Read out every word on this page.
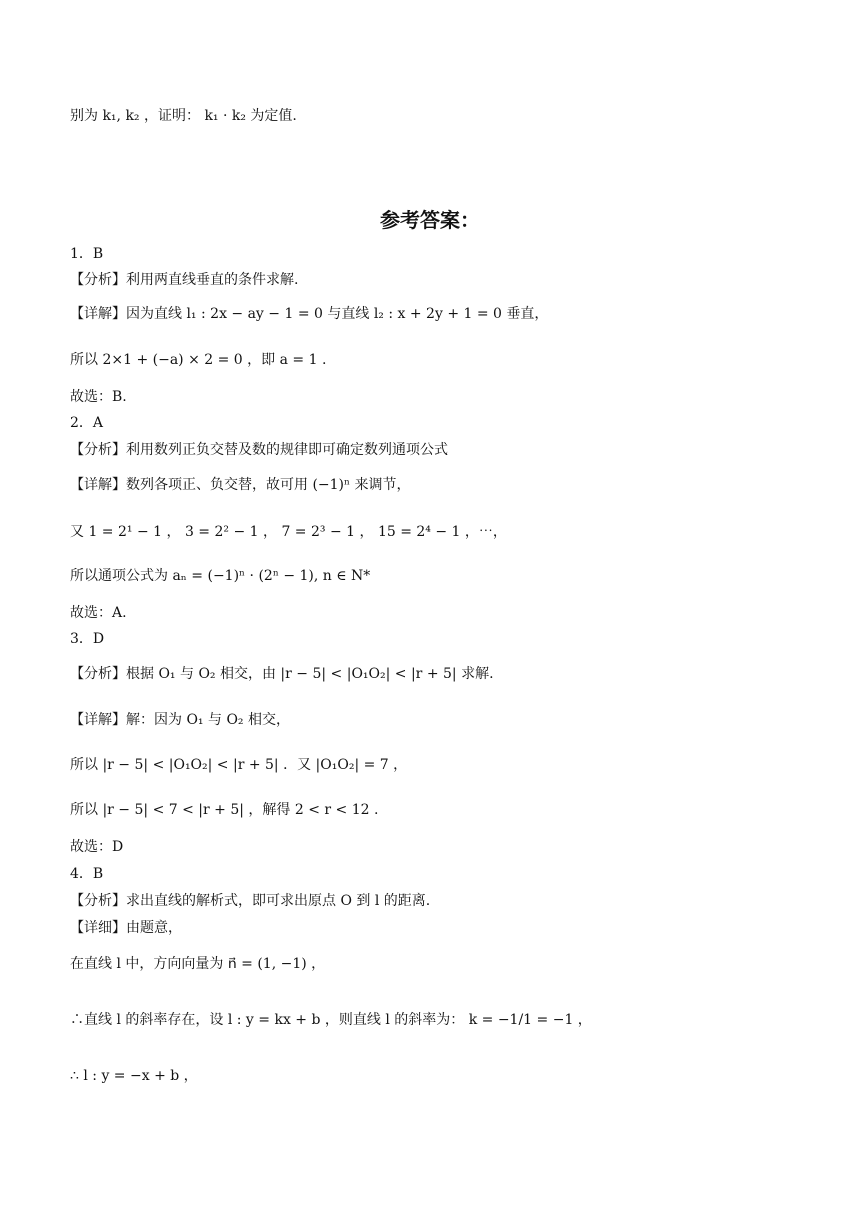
别为 k₁, k₂ ，证明： k₁ · k₂ 为定值.
参考答案：
1．B
【分析】利用两直线垂直的条件求解.
【详解】因为直线 l₁ : 2x − ay − 1 = 0 与直线 l₂ : x + 2y + 1 = 0 垂直，
所以 2×1 + (−a) × 2 = 0 ，即 a = 1 .
故选：B.
2．A
【分析】利用数列正负交替及数的规律即可确定数列通项公式
【详解】数列各项正、负交替，故可用 (−1)ⁿ 来调节，
又 1 = 2¹ − 1 ， 3 = 2² − 1 ， 7 = 2³ − 1 ， 15 = 2⁴ − 1 ，⋯，
所以通项公式为 aₙ = (−1)ⁿ · (2ⁿ − 1), n ∈ N*
故选：A.
3．D
【分析】根据 O₁ 与 O₂ 相交，由 |r − 5| < |O₁O₂| < |r + 5| 求解.
【详解】解：因为 O₁ 与 O₂ 相交，
所以 |r − 5| < |O₁O₂| < |r + 5| ．又 |O₁O₂| = 7 ，
所以 |r − 5| < 7 < |r + 5| ，解得 2 < r < 12 .
故选：D
4．B
【分析】求出直线的解析式，即可求出原点 O 到 l 的距离.
【详细】由题意，
在直线 l 中，方向向量为 n⃗ = (1, −1) ，
∴直线 l 的斜率存在，设 l : y = kx + b ，则直线 l 的斜率为： k = −1/1 = −1 ，
∴ l : y = −x + b ，
